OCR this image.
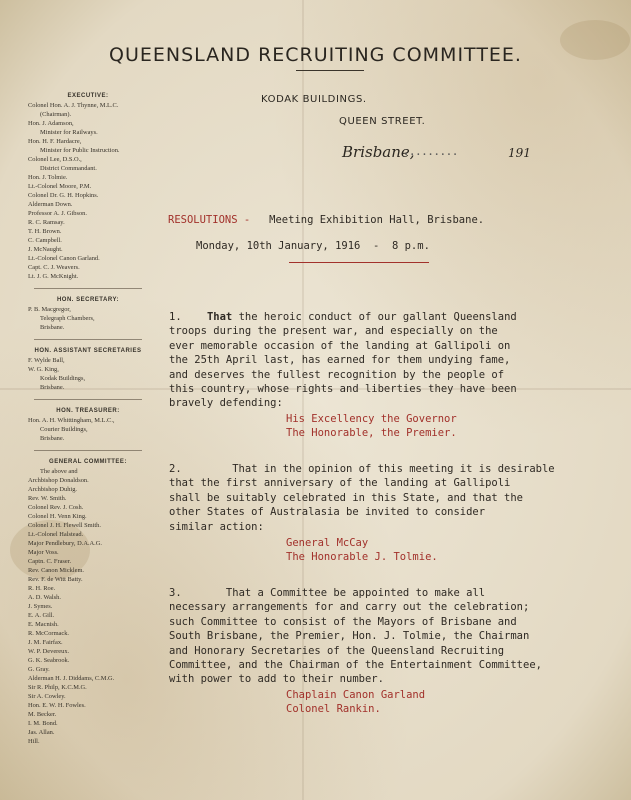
QUEENSLAND RECRUITING COMMITTEE.
KODAK BUILDINGS.
QUEEN STREET.
Brisbane,
.........	191
EXECUTIVE:
Colonel Hon. A. J. Thynne, M.L.C.
(Chairman).
Hon. J. Adamson,
Minister for Railways.
Hon. H. F. Hardacre,
Minister for Public Instruction.
Colonel Lee, D.S.O.,
District Commandant.
Hon. J. Tolmie.
Lt.-Colonel Moore, P.M.
Colonel Dr. G. H. Hopkins.
Alderman Down.
Professor A. J. Gibson.
R. C. Ramsay.
T. H. Brown.
C. Campbell.
J. McNaught.
Lt.-Colonel Canon Garland.
Capt. C. J. Weavers.
Lt. J. G. McKnight.
HON. SECRETARY:
P. B. Macgregor,
Telegraph Chambers,
Brisbane.
HON. ASSISTANT SECRETARIES
F. Wylde Ball,
W. G. King,
Kodak Buildings,
Brisbane.
HON. TREASURER:
Hon. A. H. Whittingham, M.L.C.,
Courier Buildings,
Brisbane.
GENERAL COMMITTEE:
The above and
Archbishop Donaldson.
Archbishop Duhig.
Rev. W. Smith.
Colonel Rev. J. Cosh.
Colonel H. Venn King.
Colonel J. H. Flewell Smith.
Lt.-Colonel Halstead.
Major Pendlebury, D.A.A.G.
Major Voss.
Captn. C. Fraser.
Rev. Canon Micklem.
Rev. F. de Witt Batty.
R. H. Roe.
A. D. Walsh.
J. Symes.
E. A. Gill.
E. Macnish.
R. McCormack.
J. M. Fairfax.
W. P. Devereux.
G. K. Seabrook.
G. Gray.
Alderman H. J. Diddams, C.M.G.
Sir R. Philp, K.C.M.G.
Sir A. Cowley.
Hon. E. W. H. Fowles.
M. Becker.
I. M. Bond.
Jas. Allan.
Hill.
RESOLUTIONS - Meeting Exhibition Hall, Brisbane.
Monday, 10th January, 1916  -  8 p.m.
1. That the heroic conduct of our gallant Queensland
troops during the present war, and especially on the
ever memorable occasion of the landing at Gallipoli on
the 25th April last, has earned for them undying fame,
and deserves the fullest recognition by the people of
this country, whose rights and liberties they have been
bravely defending:
His Excellency the Governor
The Honorable, the Premier.
2.	That in the opinion of this meeting it is desirable
that the first anniversary of the landing at Gallipoli
shall be suitably celebrated in this State, and that the
other States of Australasia be invited to consider
similar action:
General McCay
The Honorable J. Tolmie.
3.	That a Committee be appointed to make all
necessary arrangements for and carry out the celebration;
such Committee to consist of the Mayors of Brisbane and
South Brisbane, the Premier, Hon. J. Tolmie, the Chairman
and Honorary Secretaries of the Queensland Recruiting
Committee, and the Chairman of the Entertainment Committee,
with power to add to their number.
Chaplain Canon Garland
Colonel Rankin.
